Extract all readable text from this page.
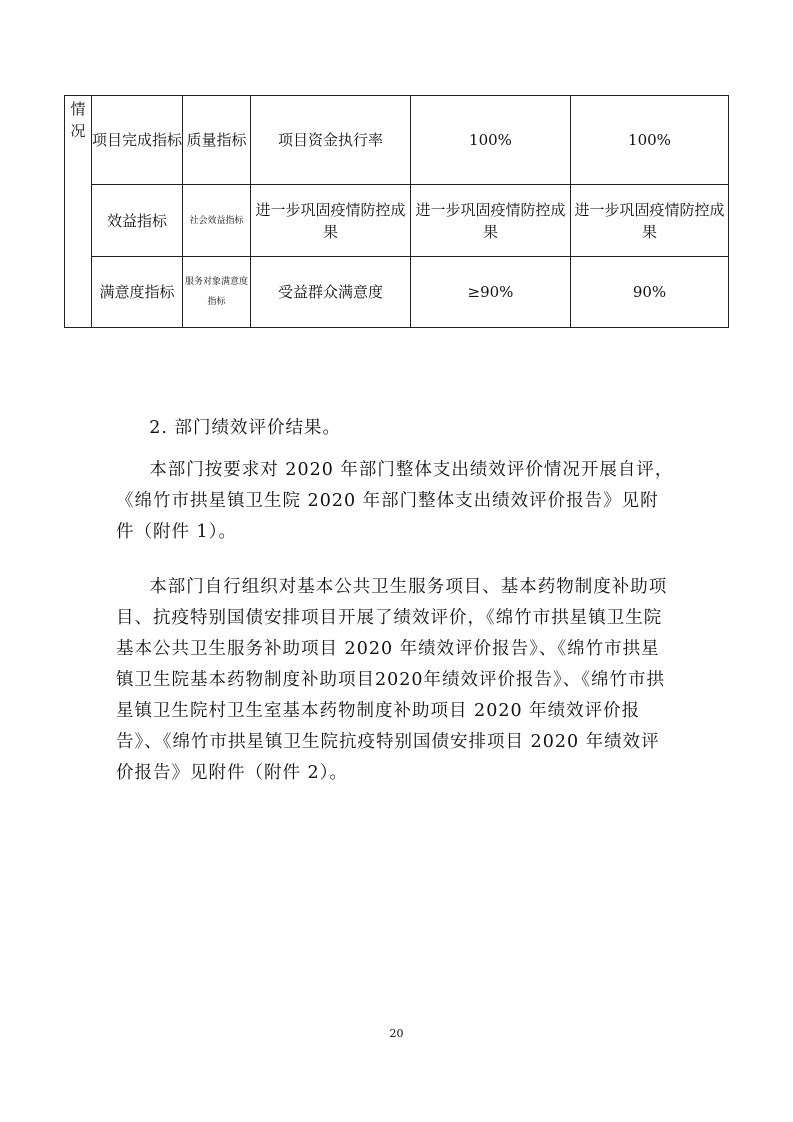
情况	项目完成指标	质量指标	项目资金执行率	100%	100%
	效益指标	社会效益指标	进一步巩固疫情防控成果	进一步巩固疫情防控成果	进一步巩固疫情防控成果
	满意度指标	服务对象满意度指标	受益群众满意度	≥90%	90%

2. 部门绩效评价结果。

本部门按要求对 2020 年部门整体支出绩效评价情况开展自评，《绵竹市拱星镇卫生院 2020 年部门整体支出绩效评价报告》见附件（附件 1）。

本部门自行组织对基本公共卫生服务项目、基本药物制度补助项目、抗疫特别国债安排项目开展了绩效评价，《绵竹市拱星镇卫生院基本公共卫生服务补助项目 2020 年绩效评价报告》、《绵竹市拱星镇卫生院基本药物制度补助项目2020年绩效评价报告》、《绵竹市拱星镇卫生院村卫生室基本药物制度补助项目 2020 年绩效评价报告》、《绵竹市拱星镇卫生院抗疫特别国债安排项目 2020 年绩效评价报告》见附件（附件 2）。

20
